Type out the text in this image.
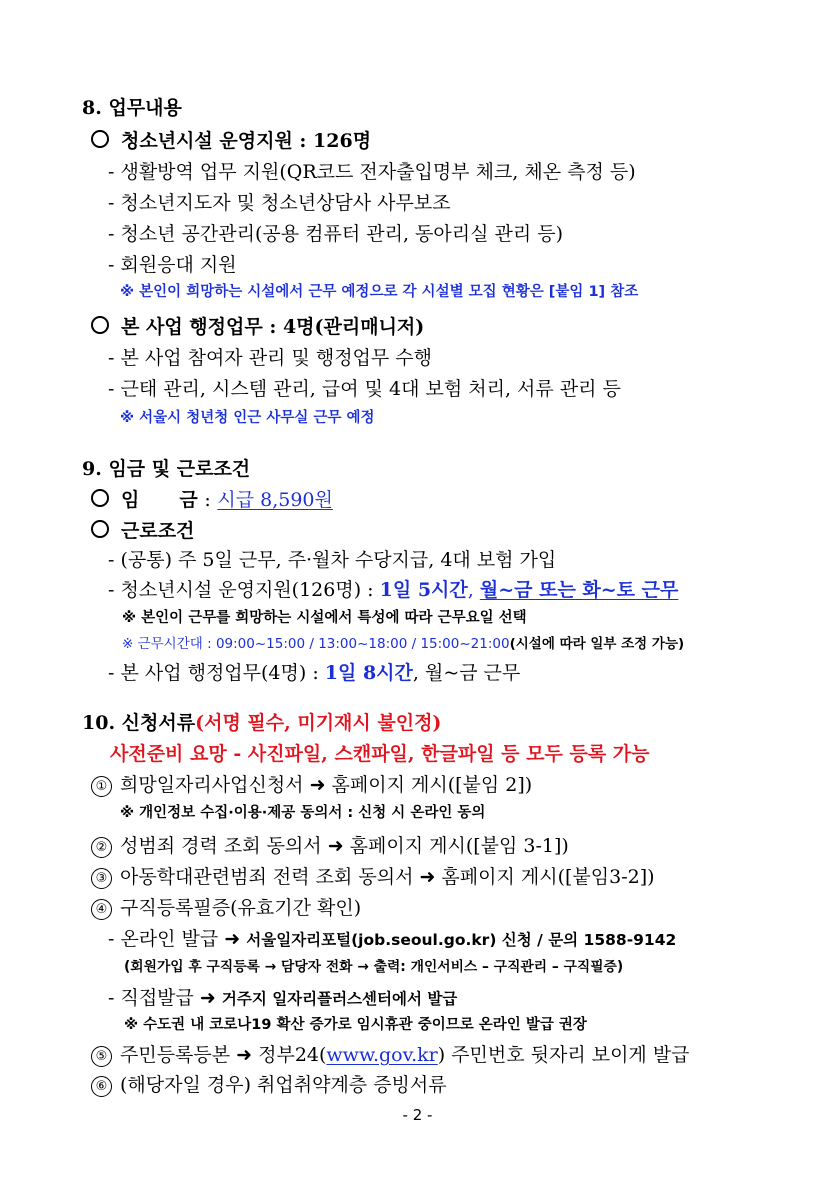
8. 업무내용
청소년시설 운영지원 : 126명
- 생활방역 업무 지원(QR코드 전자출입명부 체크, 체온 측정 등)
- 청소년지도자 및 청소년상담사 사무보조
- 청소년 공간관리(공용 컴퓨터 관리, 동아리실 관리 등)
- 회원응대 지원
※ 본인이 희망하는 시설에서 근무 예정으로 각 시설별 모집 현황은 [붙임 1] 참조
본 사업 행정업무 : 4명(관리매니저)
- 본 사업 참여자 관리 및 행정업무 수행
- 근태 관리, 시스템 관리, 급여 및 4대 보험 처리, 서류 관리 등
※ 서울시 청년청 인근 사무실 근무 예정
9. 임금 및 근로조건
임 금 : 시급 8,590원
근로조건
- (공통) 주 5일 근무, 주·월차 수당지급, 4대 보험 가입
- 청소년시설 운영지원(126명) : 1일 5시간, 월~금 또는 화~토 근무
※ 본인이 근무를 희망하는 시설에서 특성에 따라 근무요일 선택
※ 근무시간대 : 09:00~15:00 / 13:00~18:00 / 15:00~21:00(시설에 따라 일부 조정 가능)
- 본 사업 행정업무(4명) : 1일 8시간, 월~금 근무
10. 신청서류(서명 필수, 미기재시 불인정)
사전준비 요망 - 사진파일, 스캔파일, 한글파일 등 모두 등록 가능
① 희망일자리사업신청서 ➜ 홈페이지 게시([붙임 2])
※ 개인정보 수집·이용·제공 동의서 : 신청 시 온라인 동의
② 성범죄 경력 조회 동의서 ➜ 홈페이지 게시([붙임 3-1])
③ 아동학대관련범죄 전력 조회 동의서 ➜ 홈페이지 게시([붙임3-2])
④ 구직등록필증(유효기간 확인)
- 온라인 발급 ➜ 서울일자리포털(job.seoul.go.kr) 신청 / 문의 1588-9142
(회원가입 후 구직등록 → 담당자 전화 → 출력: 개인서비스 – 구직관리 – 구직필증)
- 직접발급 ➜ 거주지 일자리플러스센터에서 발급
※ 수도권 내 코로나19 확산 증가로 임시휴관 중이므로 온라인 발급 권장
⑤ 주민등록등본 ➜ 정부24(www.gov.kr) 주민번호 뒷자리 보이게 발급
⑥ (해당자일 경우) 취업취약계층 증빙서류
- 2 -
